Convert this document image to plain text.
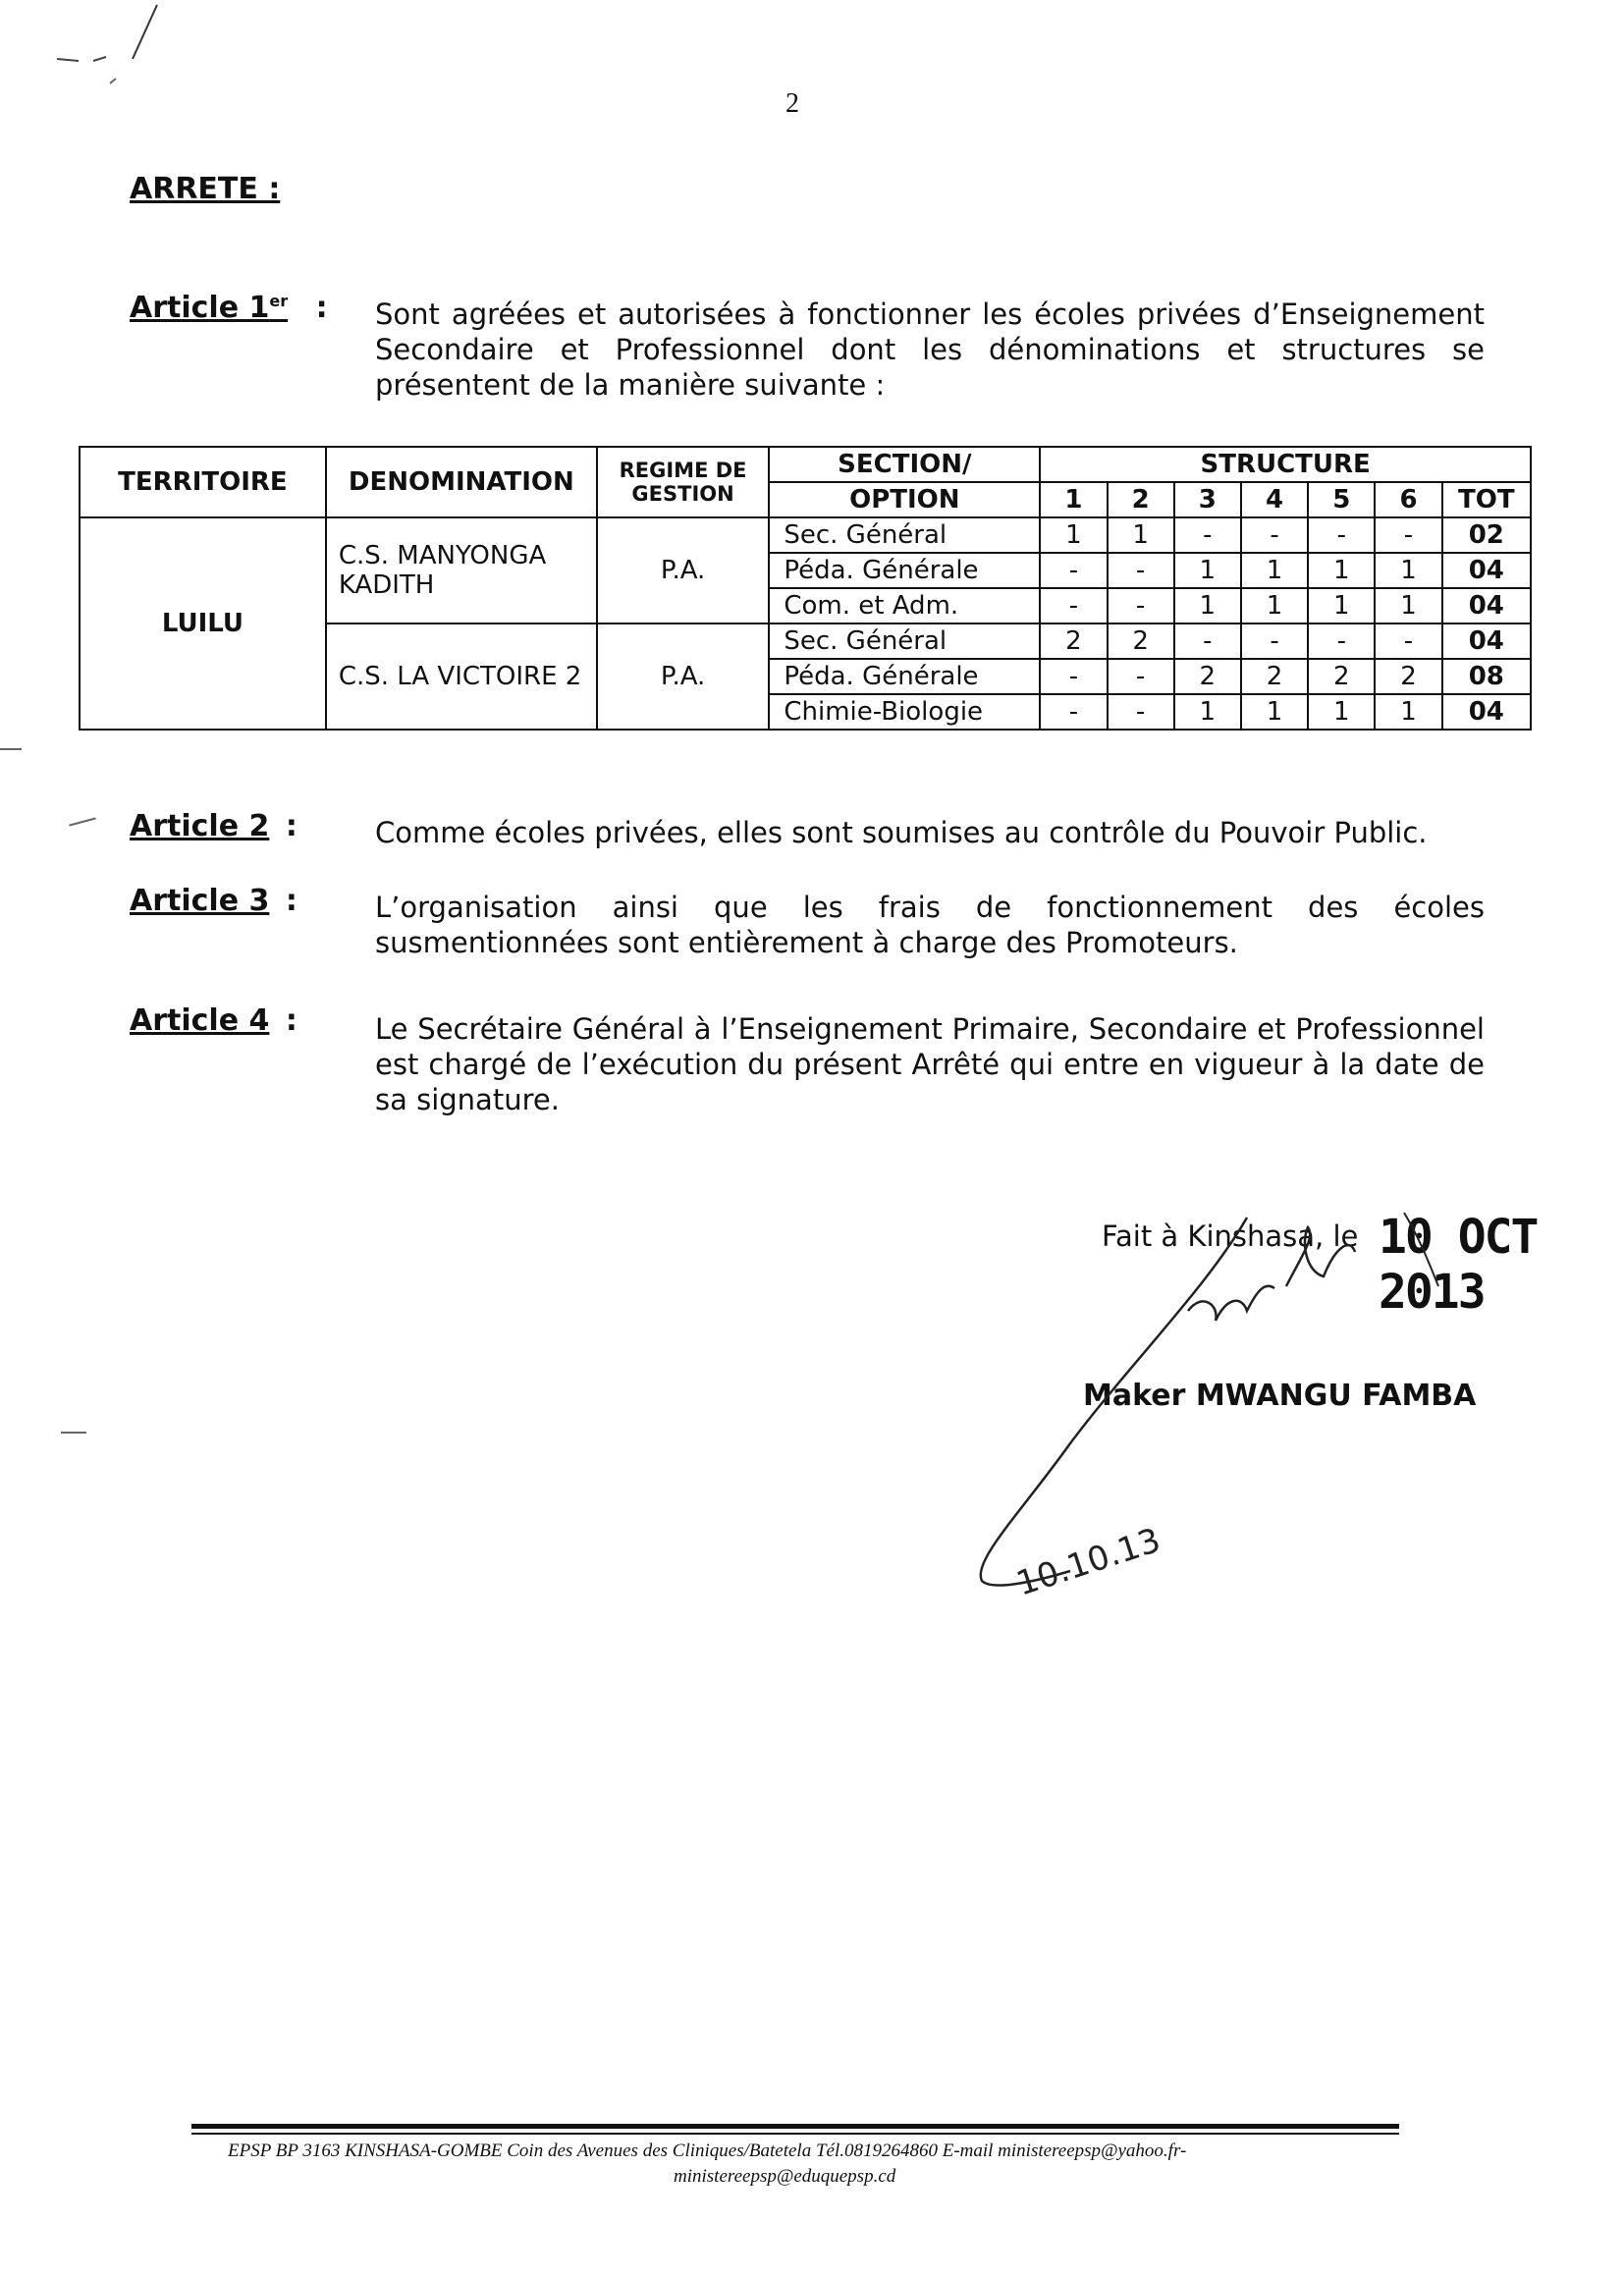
2
ARRETE :
Article 1er : Sont agréées et autorisées à fonctionner les écoles privées d’Enseignement Secondaire et Professionnel dont les dénominations et structures se présentent de la manière suivante :
TERRITOIRE	DENOMINATION	REGIME DE GESTION	SECTION/	STRUCTURE						
			OPTION	1	2	3	4	5	6	TOT
LUILU	C.S. MANYONGA KADITH	P.A.	Sec. Général	1	1	-	-	-	-	02
			Péda. Générale	-	-	1	1	1	1	04
			Com. et Adm.	-	-	1	1	1	1	04
	C.S. LA VICTOIRE 2	P.A.	Sec. Général	2	2	-	-	-	-	04
			Péda. Générale	-	-	2	2	2	2	08
			Chimie-Biologie	-	-	1	1	1	1	04
Article 2 :	Comme écoles privées, elles sont soumises au contrôle du Pouvoir Public.
Article 3 :	L’organisation ainsi que les frais de fonctionnement des écoles susmentionnées sont entièrement à charge des Promoteurs.
Article 4 :	Le Secrétaire Général à l’Enseignement Primaire, Secondaire et Professionnel est chargé de l’exécution du présent Arrêté qui entre en vigueur à la date de sa signature.
Fait à Kinshasa, le 10 OCT 2013
Maker MWANGU FAMBA
10.10.13
EPSP BP 3163 KINSHASA-GOMBE Coin des Avenues des Cliniques/Batetela Tél.0819264860 E-mail ministereepsp@yahoo.fr-
ministereepsp@eduquepsp.cd
